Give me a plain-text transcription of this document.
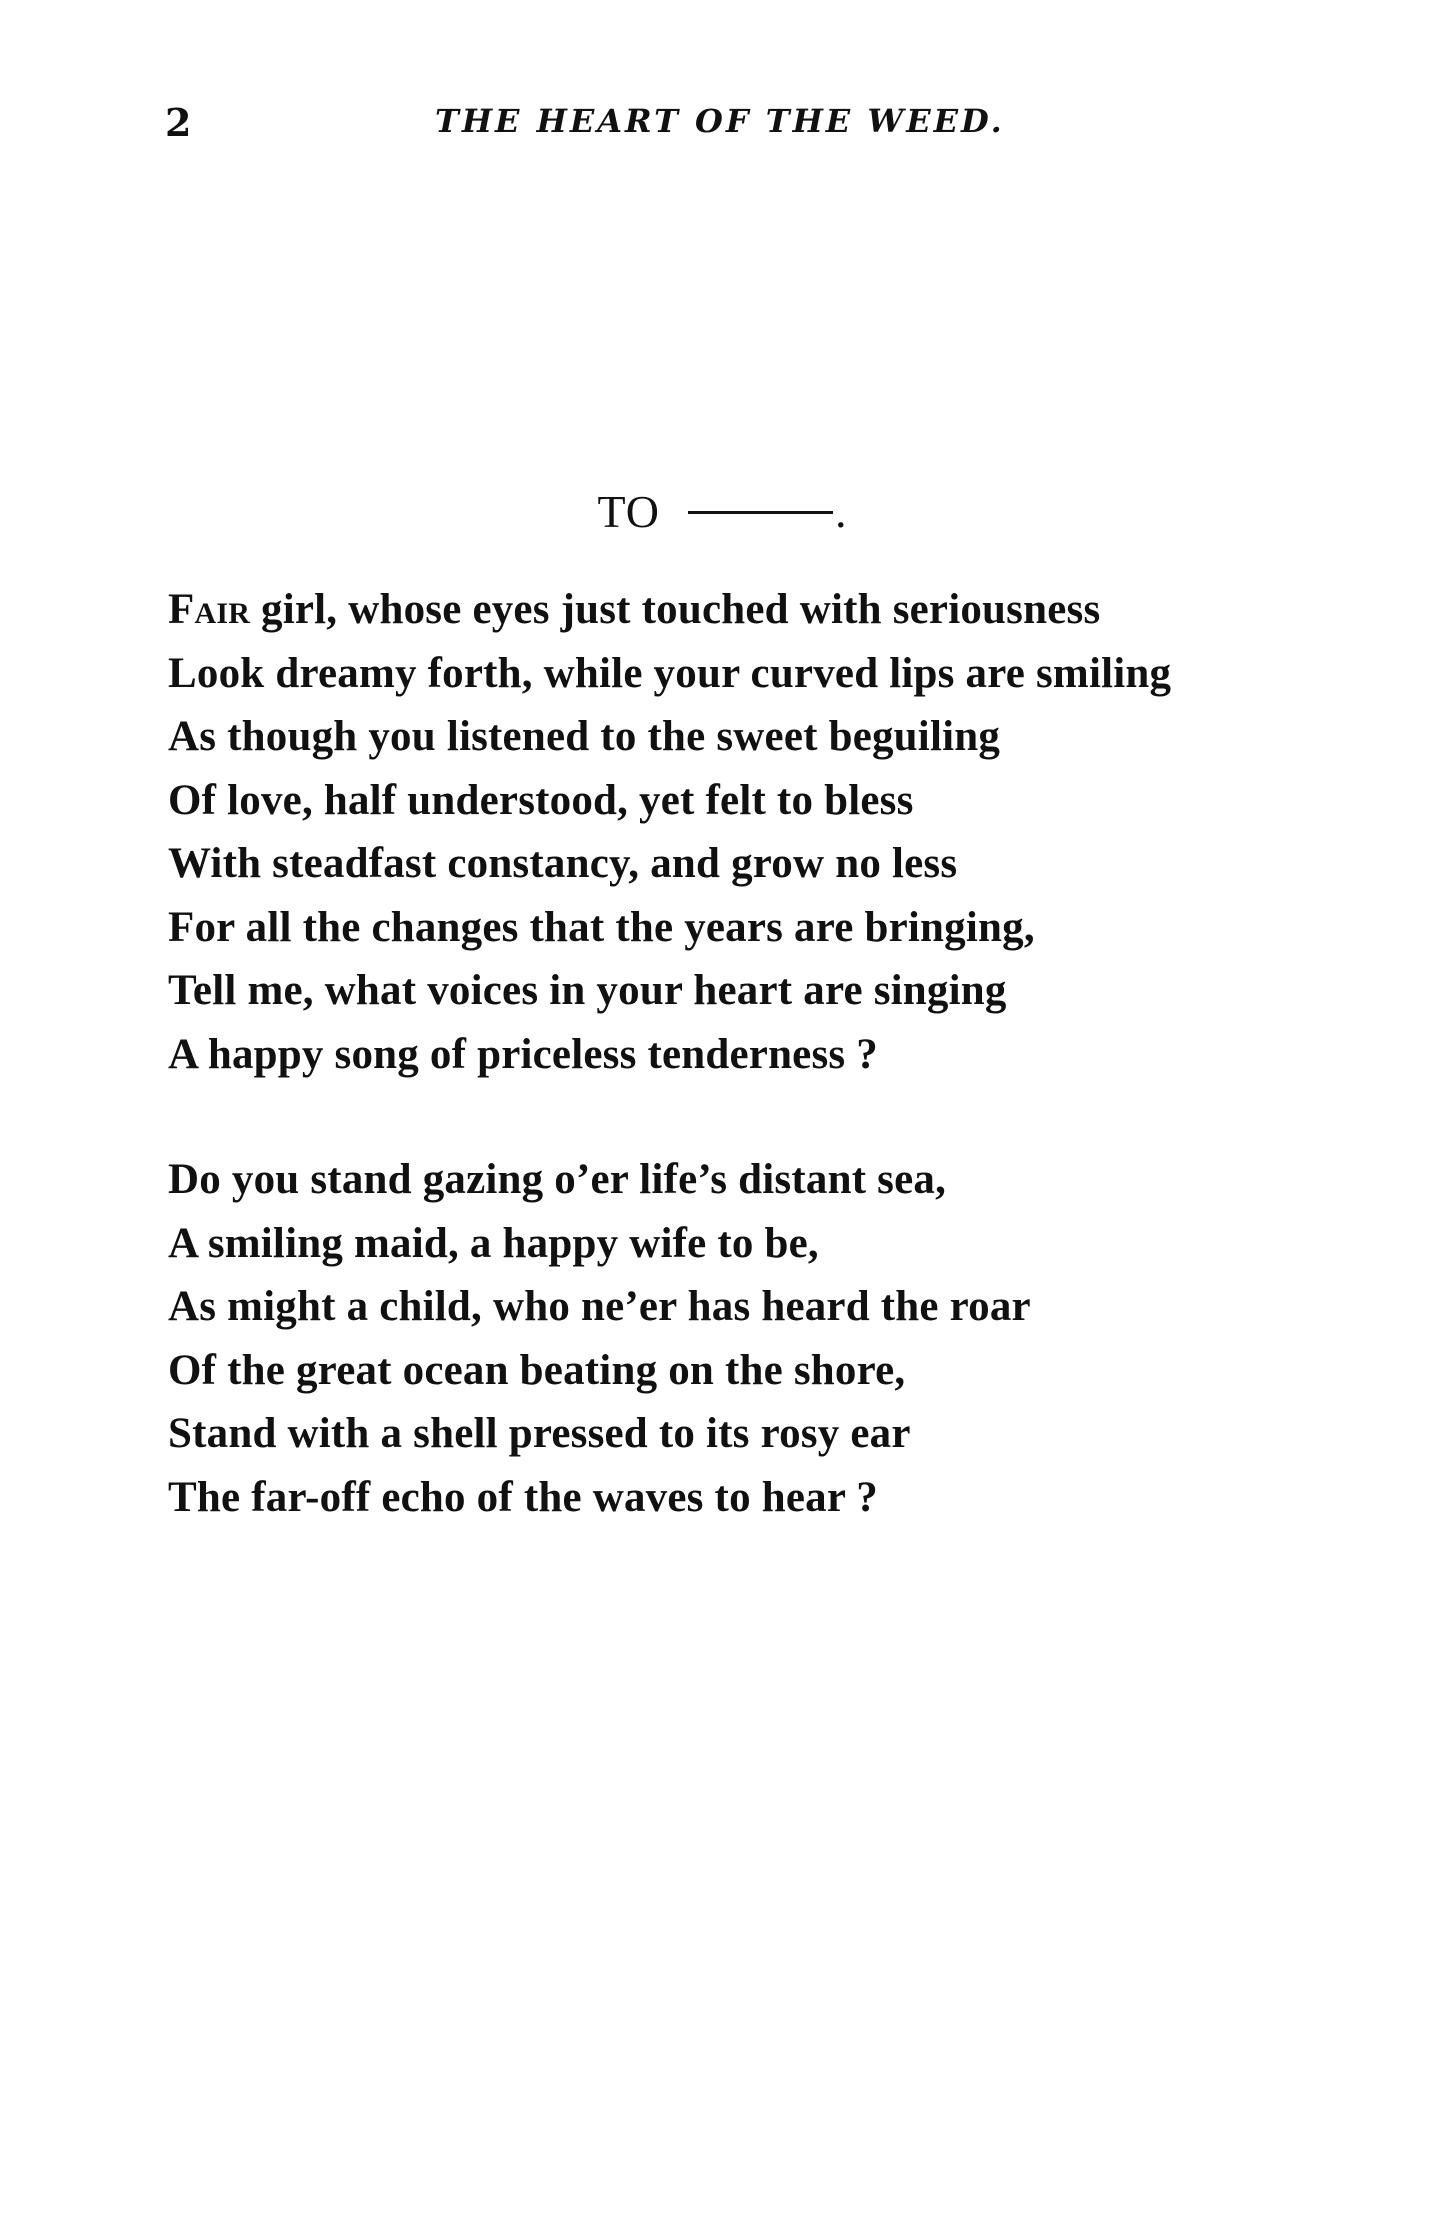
2	THE HEART OF THE WEED.
TO	.
Fair girl, whose eyes just touched with seriousness
Look dreamy forth, while your curved lips are smiling
As though you listened to the sweet beguiling
Of love, half understood, yet felt to bless
With steadfast constancy, and grow no less
For all the changes that the years are bringing,
Tell me, what voices in your heart are singing
A happy song of priceless tenderness ?
Do you stand gazing o’er life’s distant sea,
A smiling maid, a happy wife to be,
As might a child, who ne’er has heard the roar
Of the great ocean beating on the shore,
Stand with a shell pressed to its rosy ear
The far-off echo of the waves to hear ?
